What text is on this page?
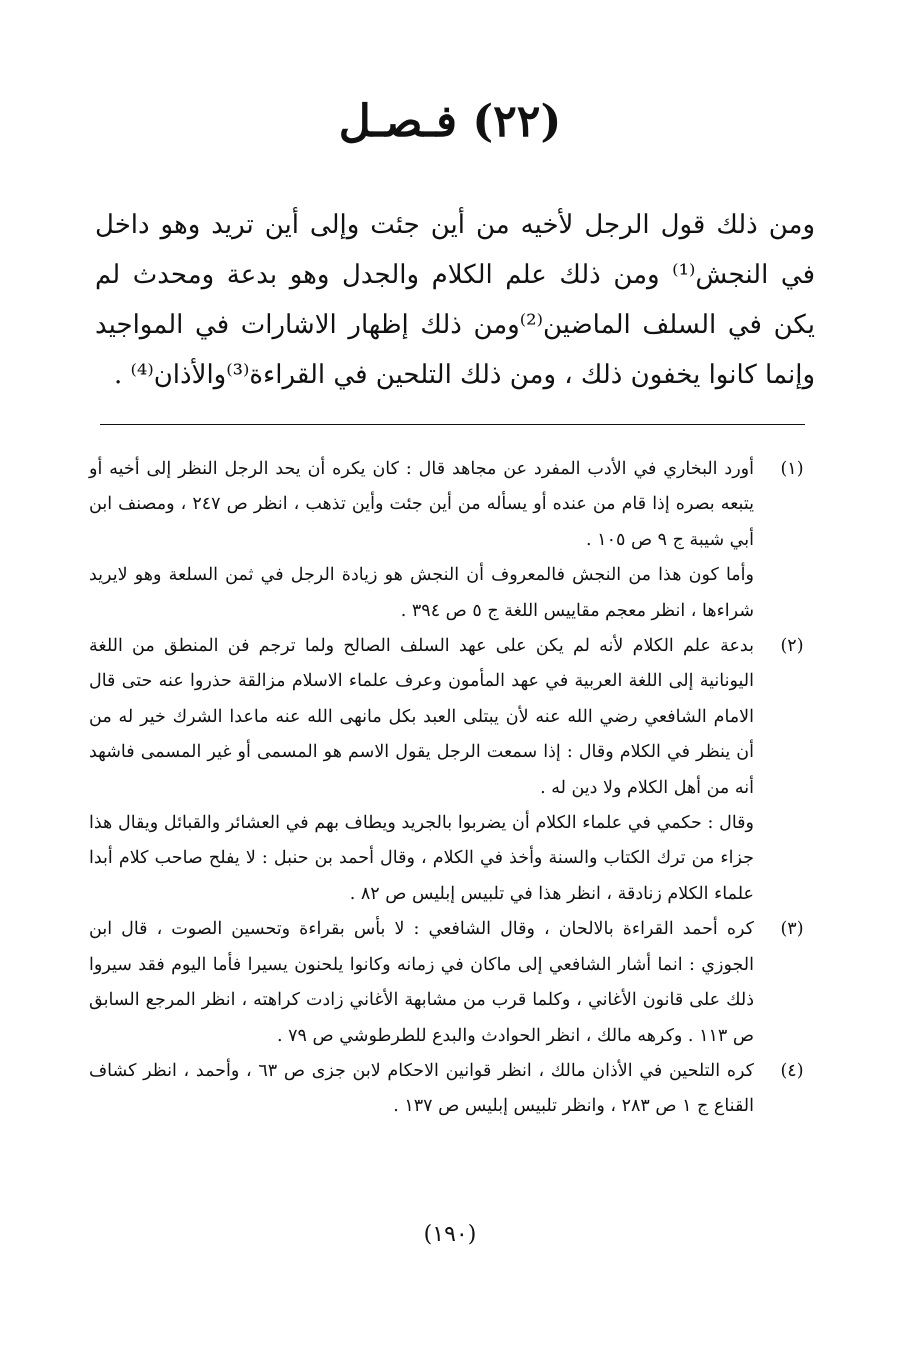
(٢٢) فـصـل

ومن ذلك قول الرجل لأخيه من أين جئت وإلى أين تريد وهو داخل في النجش⁽¹⁾ ومن ذلك علم الكلام والجدل وهو بدعة ومحدث لم يكن في السلف الماضين⁽²⁾ومن ذلك إظهار الاشارات في المواجيد وإنما كانوا يخفون ذلك ، ومن ذلك التلحين في القراءة⁽³⁾والأذان⁽⁴⁾ .

(١)

أورد البخاري في الأدب المفرد عن مجاهد قال : كان يكره أن يحد الرجل النظر إلى أخيه أو يتبعه بصره إذا قام من عنده أو يسأله من أين جئت وأين تذهب ، انظر ص ٢٤٧ ، ومصنف ابن أبي شيبة ج ٩ ص ١٠٥ .

وأما كون هذا من النجش فالمعروف أن النجش هو زيادة الرجل في ثمن السلعة وهو لايريد شراءها ، انظر معجم مقاييس اللغة ج ٥ ص ٣٩٤ .

(٢)

بدعة علم الكلام لأنه لم يكن على عهد السلف الصالح ولما ترجم فن المنطق من اللغة اليونانية إلى اللغة العربية في عهد المأمون وعرف علماء الاسلام مزالقة حذروا عنه حتى قال الامام الشافعي رضي الله عنه لأن يبتلى العبد بكل مانهى الله عنه ماعدا الشرك خير له من أن ينظر في الكلام وقال : إذا سمعت الرجل يقول الاسم هو المسمى أو غير المسمى فاشهد أنه من أهل الكلام ولا دين له .

وقال : حكمي في علماء الكلام أن يضربوا بالجريد ويطاف بهم في العشائر والقبائل ويقال هذا جزاء من ترك الكتاب والسنة وأخذ في الكلام ، وقال أحمد بن حنبل : لا يفلح صاحب كلام أبدا علماء الكلام زنادقة ، انظر هذا في تلبيس إبليس ص ٨٢ .

(٣)

كره أحمد القراءة بالالحان ، وقال الشافعي : لا بأس بقراءة وتحسين الصوت ، قال ابن الجوزي : انما أشار الشافعي إلى ماكان في زمانه وكانوا يلحنون يسيرا فأما اليوم فقد سيروا ذلك على قانون الأغاني ، وكلما قرب من مشابهة الأغاني زادت كراهته ، انظر المرجع السابق ص ١١٣ . وكرهه مالك ، انظر الحوادث والبدع للطرطوشي ص ٧٩ .

(٤)

كره التلحين في الأذان مالك ، انظر قوانين الاحكام لابن جزى ص ٦٣ ، وأحمد ، انظر كشاف القناع ج ١ ص ٢٨٣ ، وانظر تلبيس إبليس ص ١٣٧ .

(١٩٠)
